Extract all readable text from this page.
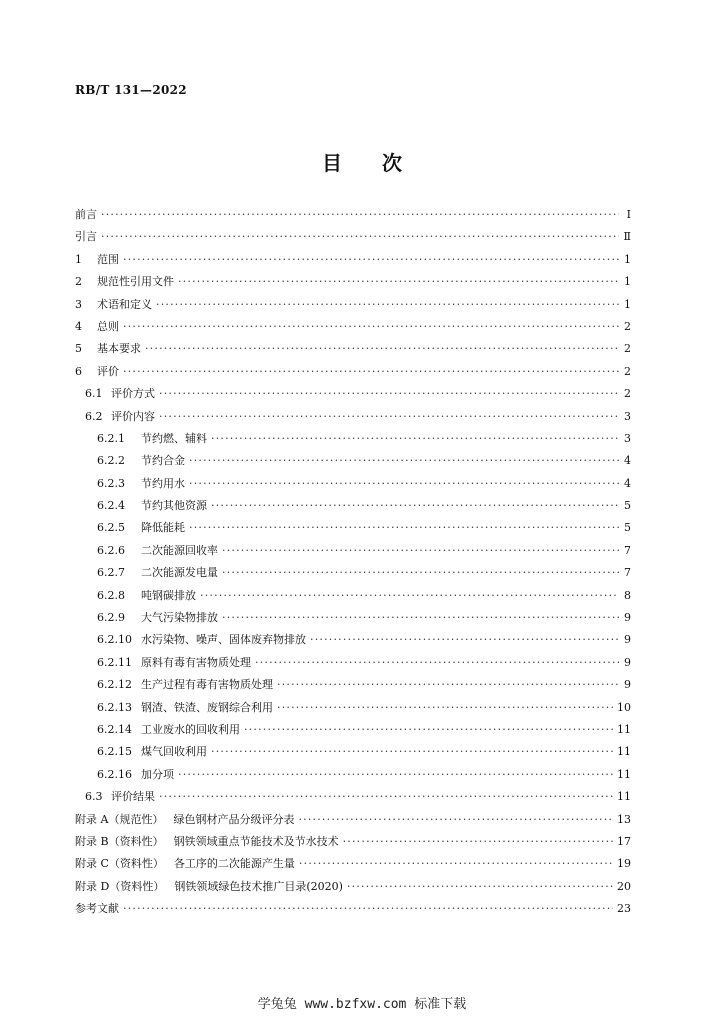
RB/T 131—2022
目次
前言 ·····	Ⅰ
引言 ·····	Ⅱ
1 范围 ·····	1
2 规范性引用文件 ·····	1
3 术语和定义 ·····	1
4 总则 ·····	2
5 基本要求 ·····	2
6 评价 ·····	2
6.1 评价方式 ·····	2
6.2 评价内容 ·····	3
6.2.1 节约燃、辅料 ·····	3
6.2.2 节约合金 ·····	4
6.2.3 节约用水 ·····	4
6.2.4 节约其他资源 ·····	5
6.2.5 降低能耗 ·····	5
6.2.6 二次能源回收率 ·····	7
6.2.7 二次能源发电量 ·····	7
6.2.8 吨钢碳排放 ·····	8
6.2.9 大气污染物排放 ·····	9
6.2.10 水污染物、噪声、固体废弃物排放 ·····	9
6.2.11 原料有毒有害物质处理 ·····	9
6.2.12 生产过程有毒有害物质处理 ·····	9
6.2.13 钢渣、铁渣、废钢综合利用 ·····	10
6.2.14 工业废水的回收利用 ·····	11
6.2.15 煤气回收利用 ·····	11
6.2.16 加分项 ·····	11
6.3 评价结果 ·····	11
附录 A（规范性） 绿色钢材产品分级评分表 ·····	13
附录 B（资料性） 钢铁领域重点节能技术及节水技术 ·····	17
附录 C（资料性） 各工序的二次能源产生量 ·····	19
附录 D（资料性） 钢铁领域绿色技术推广目录(2020) ·····	20
参考文献 ·····	23
学兔兔 www.bzfxw.com 标准下载
